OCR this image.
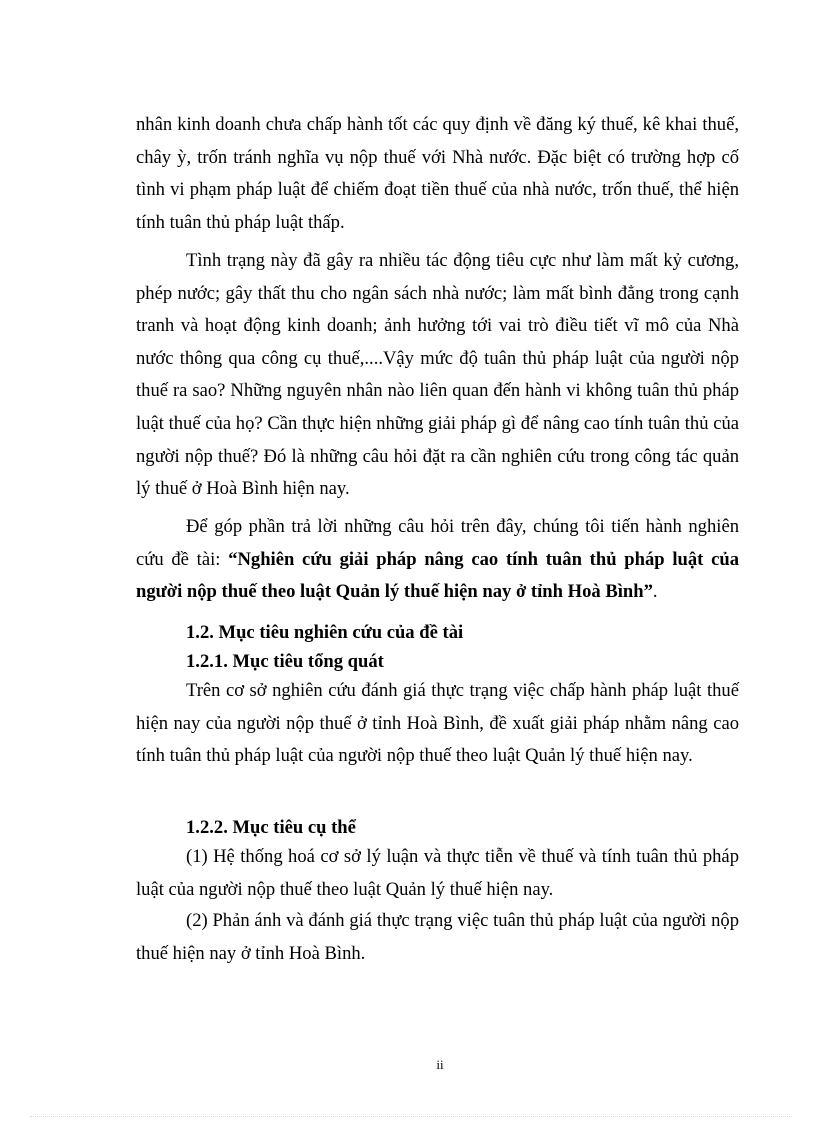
nhân kinh doanh chưa chấp hành tốt các quy định về đăng ký thuế, kê khai thuế, chây ỳ, trốn tránh nghĩa vụ nộp thuế với Nhà nước. Đặc biệt có trường hợp cố tình vi phạm pháp luật để chiếm đoạt tiền thuế của nhà nước, trốn thuế, thể hiện tính tuân thủ pháp luật thấp.

Tình trạng này đã gây ra nhiều tác động tiêu cực như làm mất kỷ cương, phép nước; gây thất thu cho ngân sách nhà nước; làm mất bình đẳng trong cạnh tranh và hoạt động kinh doanh; ảnh hưởng tới vai trò điều tiết vĩ mô của Nhà nước thông qua công cụ thuế,....Vậy mức độ tuân thủ pháp luật của người nộp thuế ra sao? Những nguyên nhân nào liên quan đến hành vi không tuân thủ pháp luật thuế của họ? Cần thực hiện những giải pháp gì để nâng cao tính tuân thủ của người nộp thuế? Đó là những câu hỏi đặt ra cần nghiên cứu trong công tác quản lý thuế ở Hoà Bình hiện nay.

Để góp phần trả lời những câu hỏi trên đây, chúng tôi tiến hành nghiên cứu đề tài: “Nghiên cứu giải pháp nâng cao tính tuân thủ pháp luật của người nộp thuế theo luật Quản lý thuế hiện nay ở tỉnh Hoà Bình”.

1.2. Mục tiêu nghiên cứu của đề tài
1.2.1. Mục tiêu tổng quát

Trên cơ sở nghiên cứu đánh giá thực trạng việc chấp hành pháp luật thuế hiện nay của người nộp thuế ở tỉnh Hoà Bình, đề xuất giải pháp nhằm nâng cao tính tuân thủ pháp luật của người nộp thuế theo luật Quản lý thuế hiện nay.

1.2.2. Mục tiêu cụ thể

(1) Hệ thống hoá cơ sở lý luận và thực tiễn về thuế và tính tuân thủ pháp luật của người nộp thuế theo luật Quản lý thuế hiện nay.

(2) Phản ánh và đánh giá thực trạng việc tuân thủ pháp luật của người nộp thuế hiện nay ở tỉnh Hoà Bình.

ii
